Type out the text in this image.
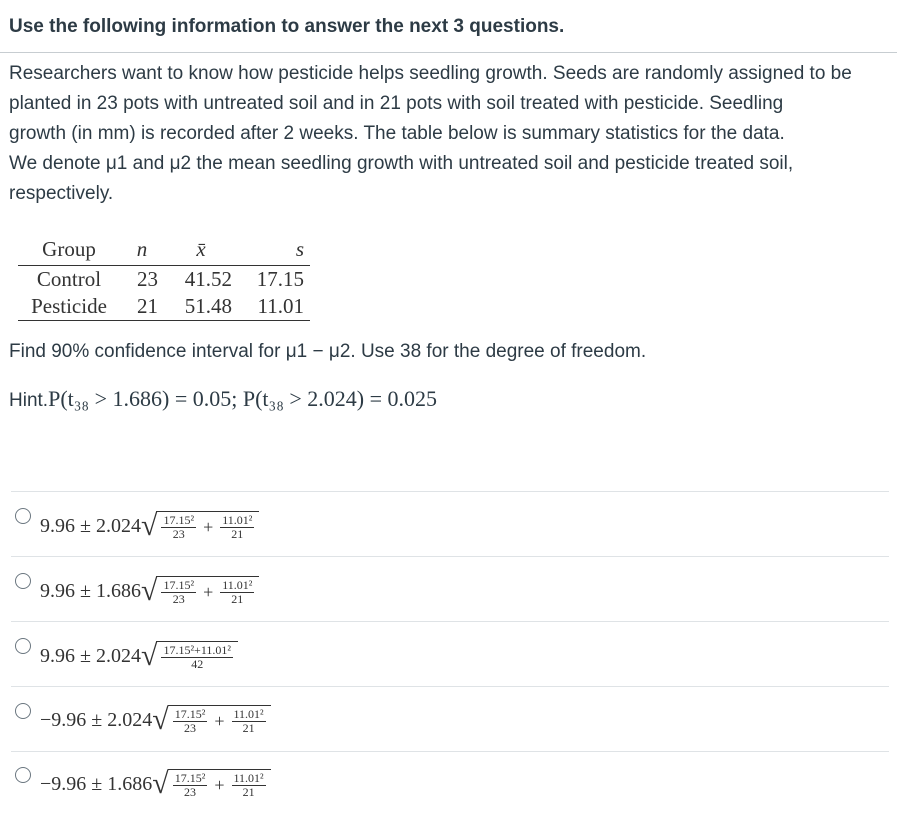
Use the following information to answer the next 3 questions.
Researchers want to know how pesticide helps seedling growth. Seeds are randomly assigned to be
planted in 23 pots with untreated soil and in 21 pots with soil treated with pesticide. Seedling
growth (in mm) is recorded after 2 weeks. The table below is summary statistics for the data.
We denote μ1 and μ2 the mean seedling growth with untreated soil and pesticide treated soil,
respectively.
Group	n	x̄	s
Control	23	41.52	17.15
Pesticide	21	51.48	11.01
Find 90% confidence interval for μ1 − μ2. Use 38 for the degree of freedom.
Hint.P(t₃₈ > 1.686) = 0.05; P(t₃₈ > 2.024) = 0.025
9.96
±
2.024 √ $\frac{\text{17.15²}}{23} + \frac{\text{11.01²}}{21}$
9.96
±
1.686 √ $\frac{\text{17.15²}}{23} + \frac{\text{11.01²}}{21}$
9.96
±
2.024 √ $\frac{\text{17.15²+11.01²}}{42}$
−9.96
±
2.024 √ $\frac{\text{17.15²}}{23} + \frac{\text{11.01²}}{21}$
−9.96
±
1.686 √ $\frac{\text{17.15²}}{23} + \frac{\text{11.01²}}{21}$
